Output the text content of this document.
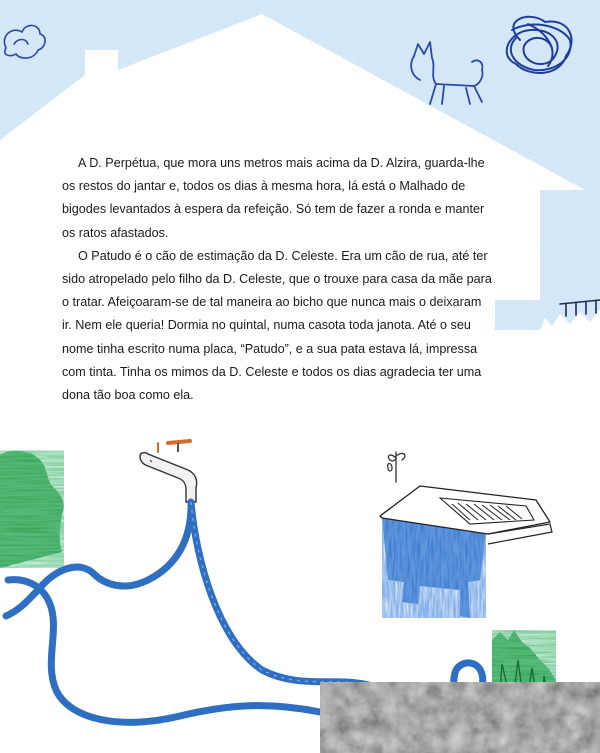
A D. Perpétua, que mora uns metros mais acima da D. Alzira, guarda-lhe os restos do jantar e, todos os dias à mesma hora, lá está o Malhado de bigodes levantados à espera da refeição. Só tem de fazer a ronda e manter os ratos afastados.

O Patudo é o cão de estimação da D. Celeste. Era um cão de rua, até ter sido atropelado pelo filho da D. Celeste, que o trouxe para casa da mãe para o tratar. Afeiçoaram-se de tal maneira ao bicho que nunca mais o deixaram ir. Nem ele queria! Dormia no quintal, numa casota toda janota. Até o seu nome tinha escrito numa placa, “Patudo”, e a sua pata estava lá, impressa com tinta. Tinha os mimos da D. Celeste e todos os dias agradecia ter uma dona tão boa como ela.
